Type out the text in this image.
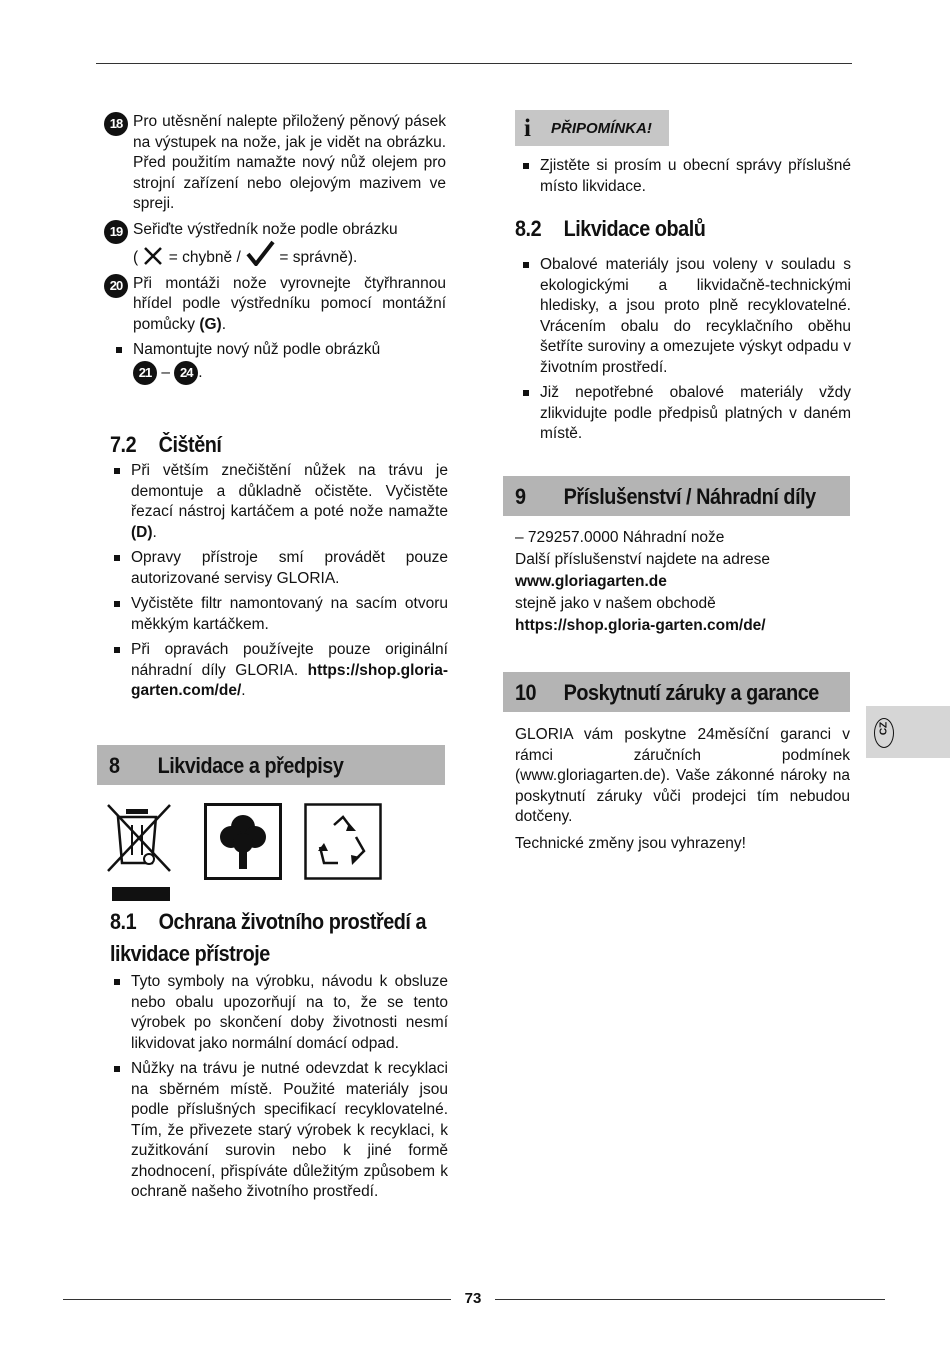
18 Pro utěsnění nalepte přiložený pěnový pásek na výstupek na nože, jak je vidět na obrázku. Před použitím namažte nový nůž olejem pro strojní zařízení nebo olejovým mazivem ve spreji.
19 Seřiďte výstředník nože podle obrázku
( = chybně / = správně).
20 Při montáži nože vyrovnejte čtyřhrannou hřídel podle výstředníku pomocí montážní pomůcky (G).
Namontujte nový nůž podle obrázků
21 – 24 .
7.2 Čištění
Při větším znečištění nůžek na trávu je demontuje a důkladně očistěte. Vyčistěte řezací nástroj kartáčem a poté nože namažte (D).
Opravy přístroje smí provádět pouze autorizované servisy GLORIA.
Vyčistěte filtr namontovaný na sacím otvoru měkkým kartáčkem.
Při opravách používejte pouze originální náhradní díly GLORIA. https://shop.gloria-garten.com/de/.
8 Likvidace a předpisy
8.1 Ochrana životního prostředí a
likvidace přístroje
Tyto symboly na výrobku, návodu k obsluze nebo obalu upozorňují na to, že se tento výrobek po skončení doby životnosti nesmí likvidovat jako normální domácí odpad.
Nůžky na trávu je nutné odevzdat k recyklaci na sběrném místě. Použité materiály jsou podle příslušných specifikací recyklovatelné. Tím, že přivezete starý výrobek k recyklaci, k zužitkování surovin nebo k jiné formě zhodnocení, přispíváte důležitým způsobem k ochraně našeho životního prostředí.
i PŘIPOMÍNKA!
Zjistěte si prosím u obecní správy příslušné místo likvidace.
8.2 Likvidace obalů
Obalové materiály jsou voleny v souladu s ekologickými a likvidačně-technickými hledisky, a jsou proto plně recyklovatelné. Vrácením obalu do recyklačního oběhu šetříte suroviny a omezujete výskyt odpadu v životním prostředí.
Již nepotřebné obalové materiály vždy zlikvidujte podle předpisů platných v daném místě.
9 Příslušenství / Náhradní díly
– 729257.0000 Náhradní nože
Další příslušenství najdete na adrese
www.gloriagarten.de
stejně jako v našem obchodě
https://shop.gloria-garten.com/de/
10 Poskytnutí záruky a garance
GLORIA vám poskytne 24měsíční garanci v rámci záručních podmínek (www.gloriagarten.de). Vaše zákonné nároky na poskytnutí záruky vůči prodejci tím nebudou dotčeny.
Technické změny jsou vyhrazeny!
CZ
73
